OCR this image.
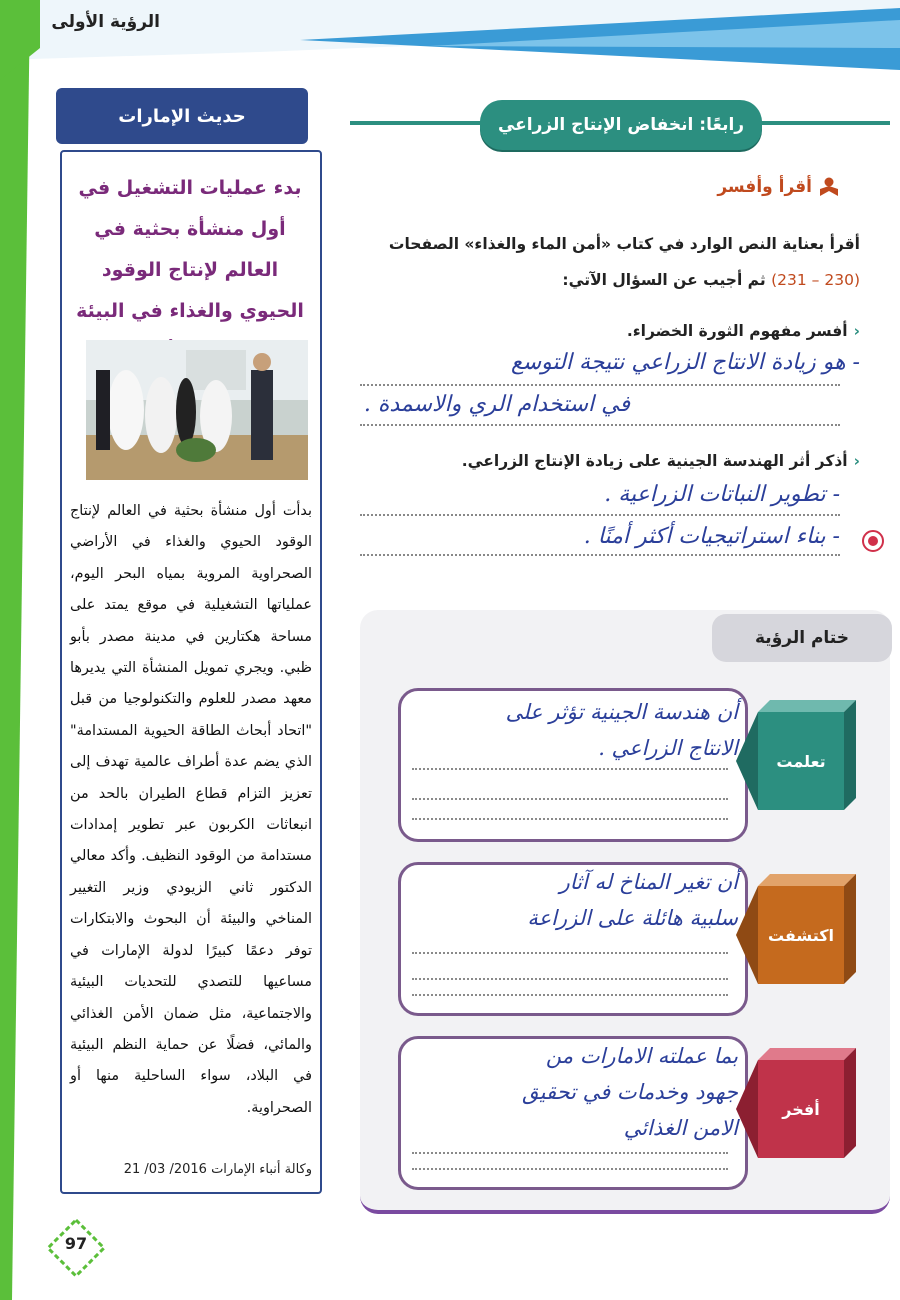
الرؤية الأولى
حديث الإمارات
بدء عمليات التشغيل في أول منشأة بحثية في العالم لإنتاج الوقود الحيوي والغذاء في البيئة
بدأت أول منشأة بحثية في العالم لإنتاج الوقود الحيوي والغذاء في الأراضي الصحراوية المروية بمياه البحر اليوم، عملياتها التشغيلية في موقع يمتد على مساحة هكتارين في مدينة مصدر بأبو ظبي. ويجري تمويل المنشأة التي يديرها معهد مصدر للعلوم والتكنولوجيا من قبل "اتحاد أبحاث الطاقة الحيوية المستدامة" الذي يضم عدة أطراف عالمية تهدف إلى تعزيز التزام قطاع الطيران بالحد من انبعاثات الكربون عبر تطوير إمدادات مستدامة من الوقود النظيف. وأكد معالي الدكتور ثاني الزيودي وزير التغيير المناخي والبيئة أن البحوث والابتكارات توفر دعمًا كبيرًا لدولة الإمارات في مساعيها للتصدي للتحديات البيئية والاجتماعية، مثل ضمان الأمن الغذائي والمائي، فضلًا عن حماية النظم البيئية في البلاد، سواء الساحلية منها أو الصحراوية.
وكالة أنباء الإمارات 2016/ 03/ 21
رابعًا: انخفاض الإنتاج الزراعي
أقرأ وأفسر
أقرأ بعناية النص الوارد في كتاب «أمن الماء والغذاء» الصفحات (230 – 231) ثم أجيب عن السؤال الآتي:
‹أفسر مفهوم الثورة الخضراء.
- هو زيادة الانتاج الزراعي نتيجة التوسع
في استخدام الري والاسمدة .
‹أذكر أثر الهندسة الجينية على زيادة الإنتاج الزراعي.
- تطوير النباتات الزراعية .
- بناء استراتيجيات أكثر أمنًا .
ختام الرؤية
أن هندسة الجينية تؤثر على
الانتاج الزراعي .
تعلمت
أن تغير المناخ له آثار
سلبية هائلة على الزراعة
اكتشفت
بما عملته الامارات من
جهود وخدمات في تحقيق
الامن الغذائي
أفخر
97
